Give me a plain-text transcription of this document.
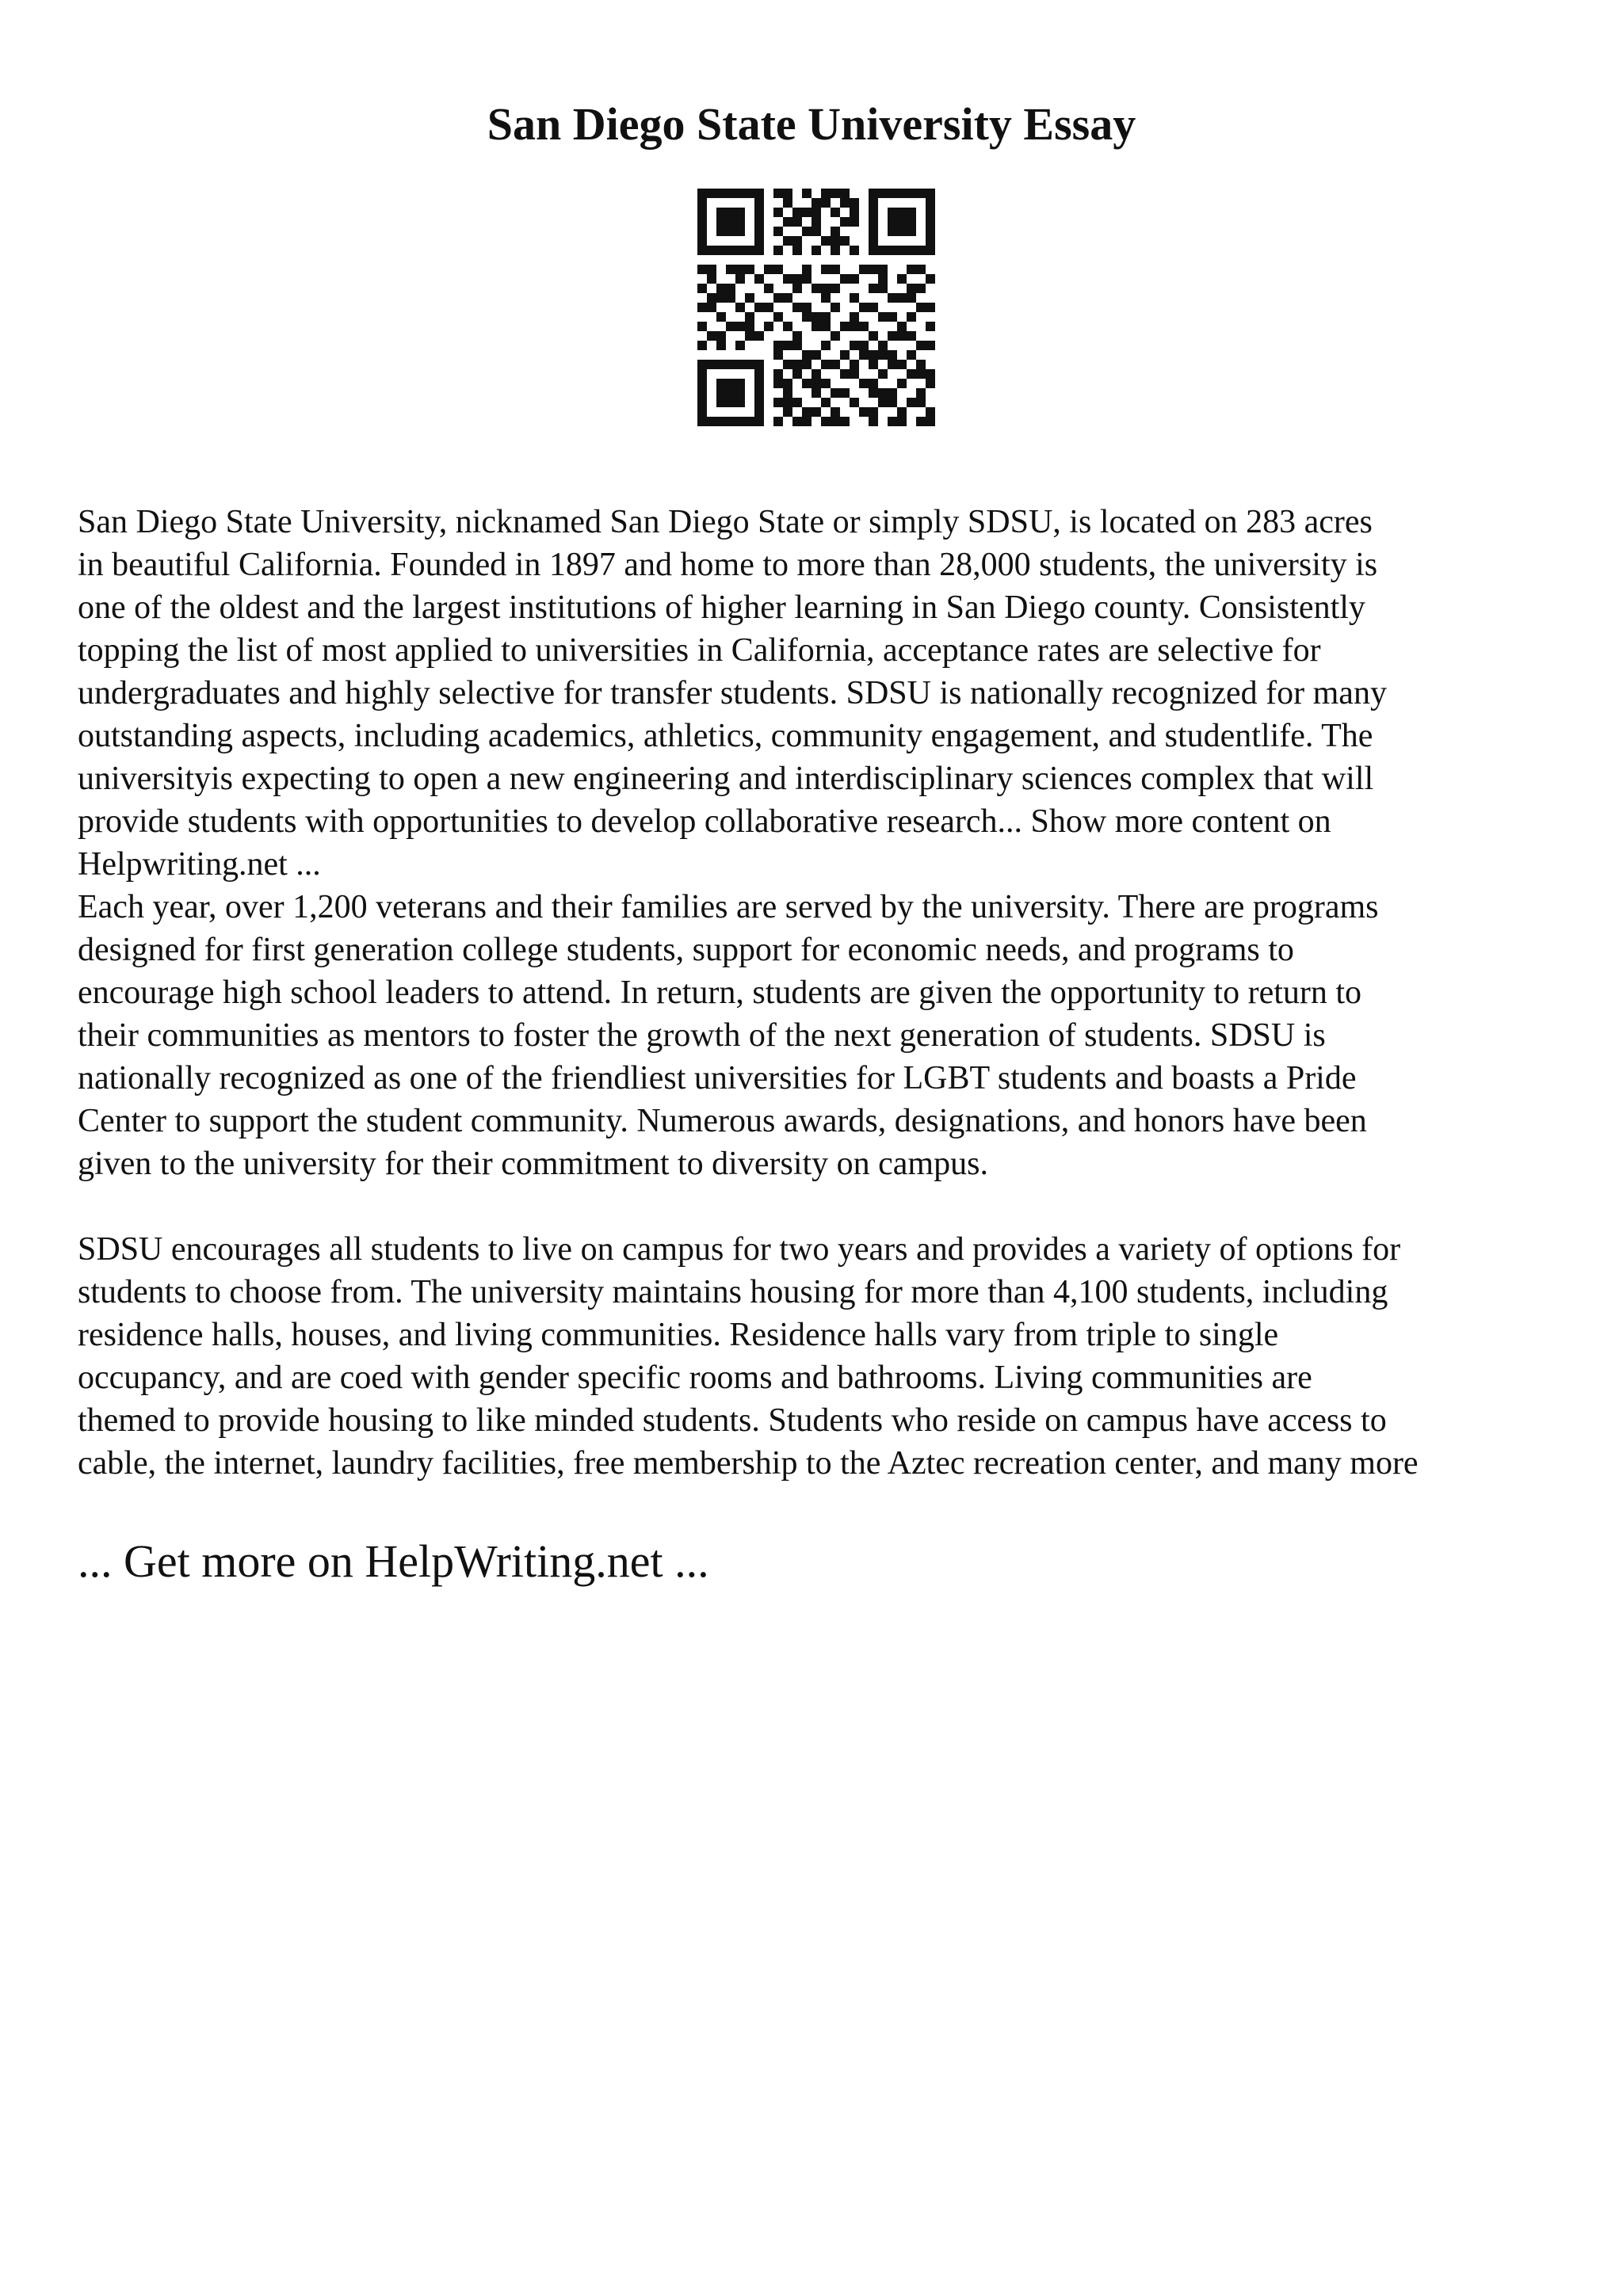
San Diego State University Essay
San Diego State University, nicknamed San Diego State or simply SDSU, is located on 283 acres
in beautiful California. Founded in 1897 and home to more than 28,000 students, the university is
one of the oldest and the largest institutions of higher learning in San Diego county. Consistently
topping the list of most applied to universities in California, acceptance rates are selective for
undergraduates and highly selective for transfer students. SDSU is nationally recognized for many
outstanding aspects, including academics, athletics, community engagement, and studentlife. The
universityis expecting to open a new engineering and interdisciplinary sciences complex that will
provide students with opportunities to develop collaborative research... Show more content on
Helpwriting.net ...
Each year, over 1,200 veterans and their families are served by the university. There are programs
designed for first generation college students, support for economic needs, and programs to
encourage high school leaders to attend. In return, students are given the opportunity to return to
their communities as mentors to foster the growth of the next generation of students. SDSU is
nationally recognized as one of the friendliest universities for LGBT students and boasts a Pride
Center to support the student community. Numerous awards, designations, and honors have been
given to the university for their commitment to diversity on campus.
SDSU encourages all students to live on campus for two years and provides a variety of options for
students to choose from. The university maintains housing for more than 4,100 students, including
residence halls, houses, and living communities. Residence halls vary from triple to single
occupancy, and are coed with gender specific rooms and bathrooms. Living communities are
themed to provide housing to like minded students. Students who reside on campus have access to
cable, the internet, laundry facilities, free membership to the Aztec recreation center, and many more
... Get more on HelpWriting.net ...
